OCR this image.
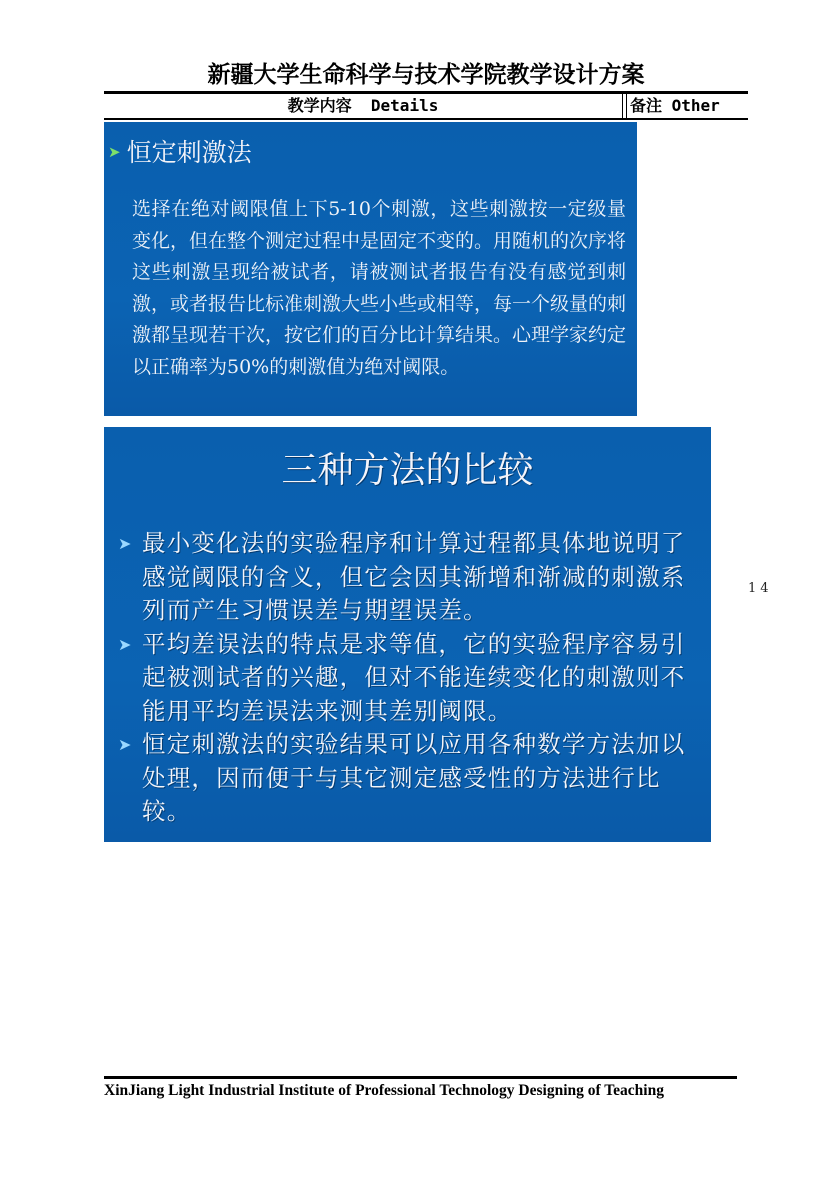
新疆大学生命科学与技术学院教学设计方案
教学内容  Details	备注 Other
➤ 恒定刺激法
选择在绝对阈限值上下5-10个刺激，这些刺激按一定级量变化，但在整个测定过程中是固定不变的。用随机的次序将这些刺激呈现给被试者，请被测试者报告有没有感觉到刺激，或者报告比标准刺激大些小些或相等，每一个级量的刺激都呈现若干次，按它们的百分比计算结果。心理学家约定以正确率为50%的刺激值为绝对阈限。
三种方法的比较
➤ 最小变化法的实验程序和计算过程都具体地说明了感觉阈限的含义，但它会因其渐增和渐减的刺激系列而产生习惯误差与期望误差。
➤ 平均差误法的特点是求等值，它的实验程序容易引起被测试者的兴趣，但对不能连续变化的刺激则不能用平均差误法来测其差别阈限。
➤ 恒定刺激法的实验结果可以应用各种数学方法加以处理，因而便于与其它测定感受性的方法进行比较。
14
XinJiang Light Industrial Institute of Professional Technology Designing of Teaching
